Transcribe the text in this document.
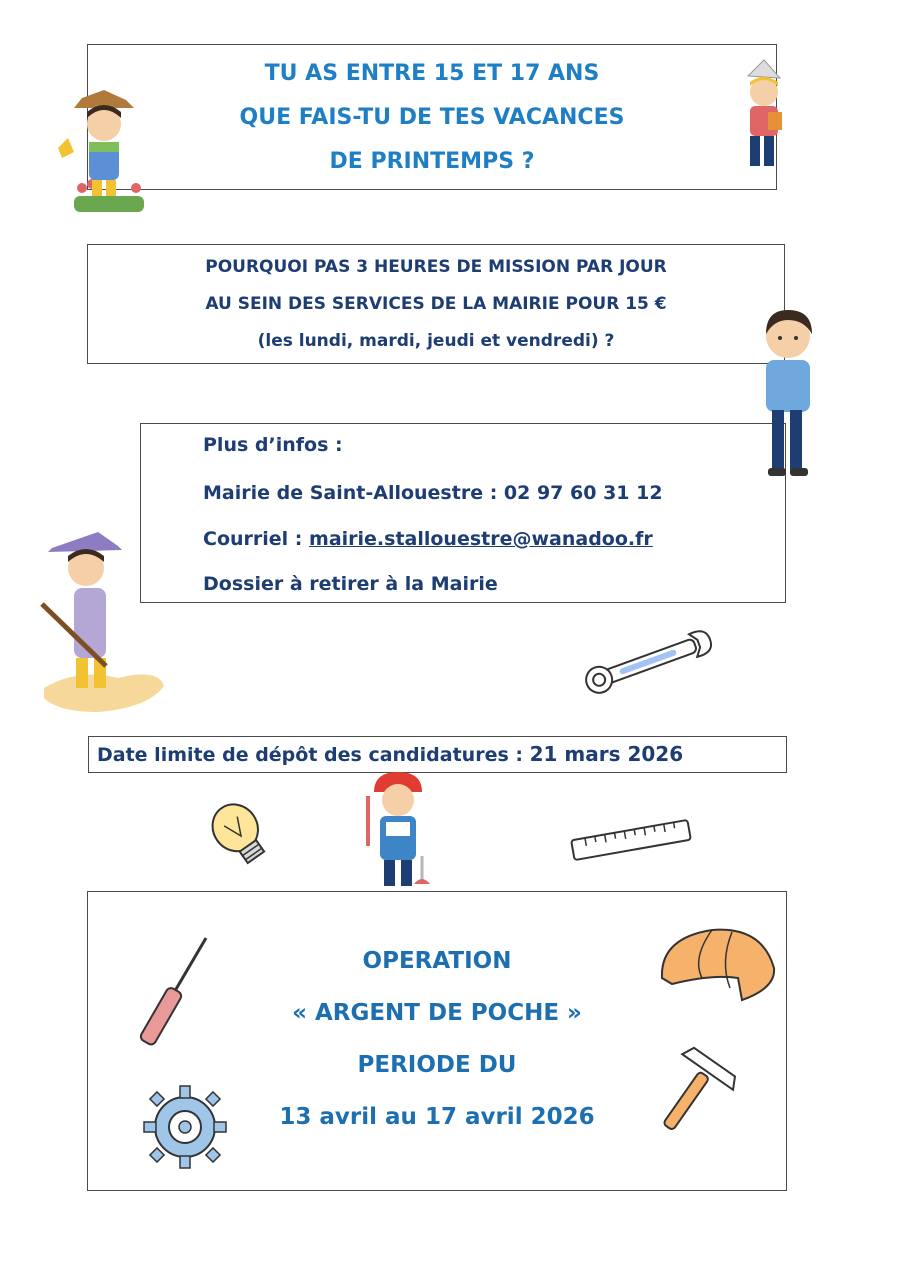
TU AS ENTRE 15 ET 17 ANS
QUE FAIS-TU DE TES VACANCES
DE PRINTEMPS ?
POURQUOI PAS 3 HEURES DE MISSION PAR JOUR
AU SEIN DES SERVICES DE LA MAIRIE POUR 15 €
(les lundi, mardi, jeudi et vendredi) ?
Plus d’infos :
Mairie de Saint-Allouestre : 02 97 60 31 12
Courriel : mairie.stallouestre@wanadoo.fr
Dossier à retirer à la Mairie
Date limite de dépôt des candidatures : 21 mars 2026
OPERATION
« ARGENT DE POCHE »
PERIODE DU
13 avril au 17 avril 2026
